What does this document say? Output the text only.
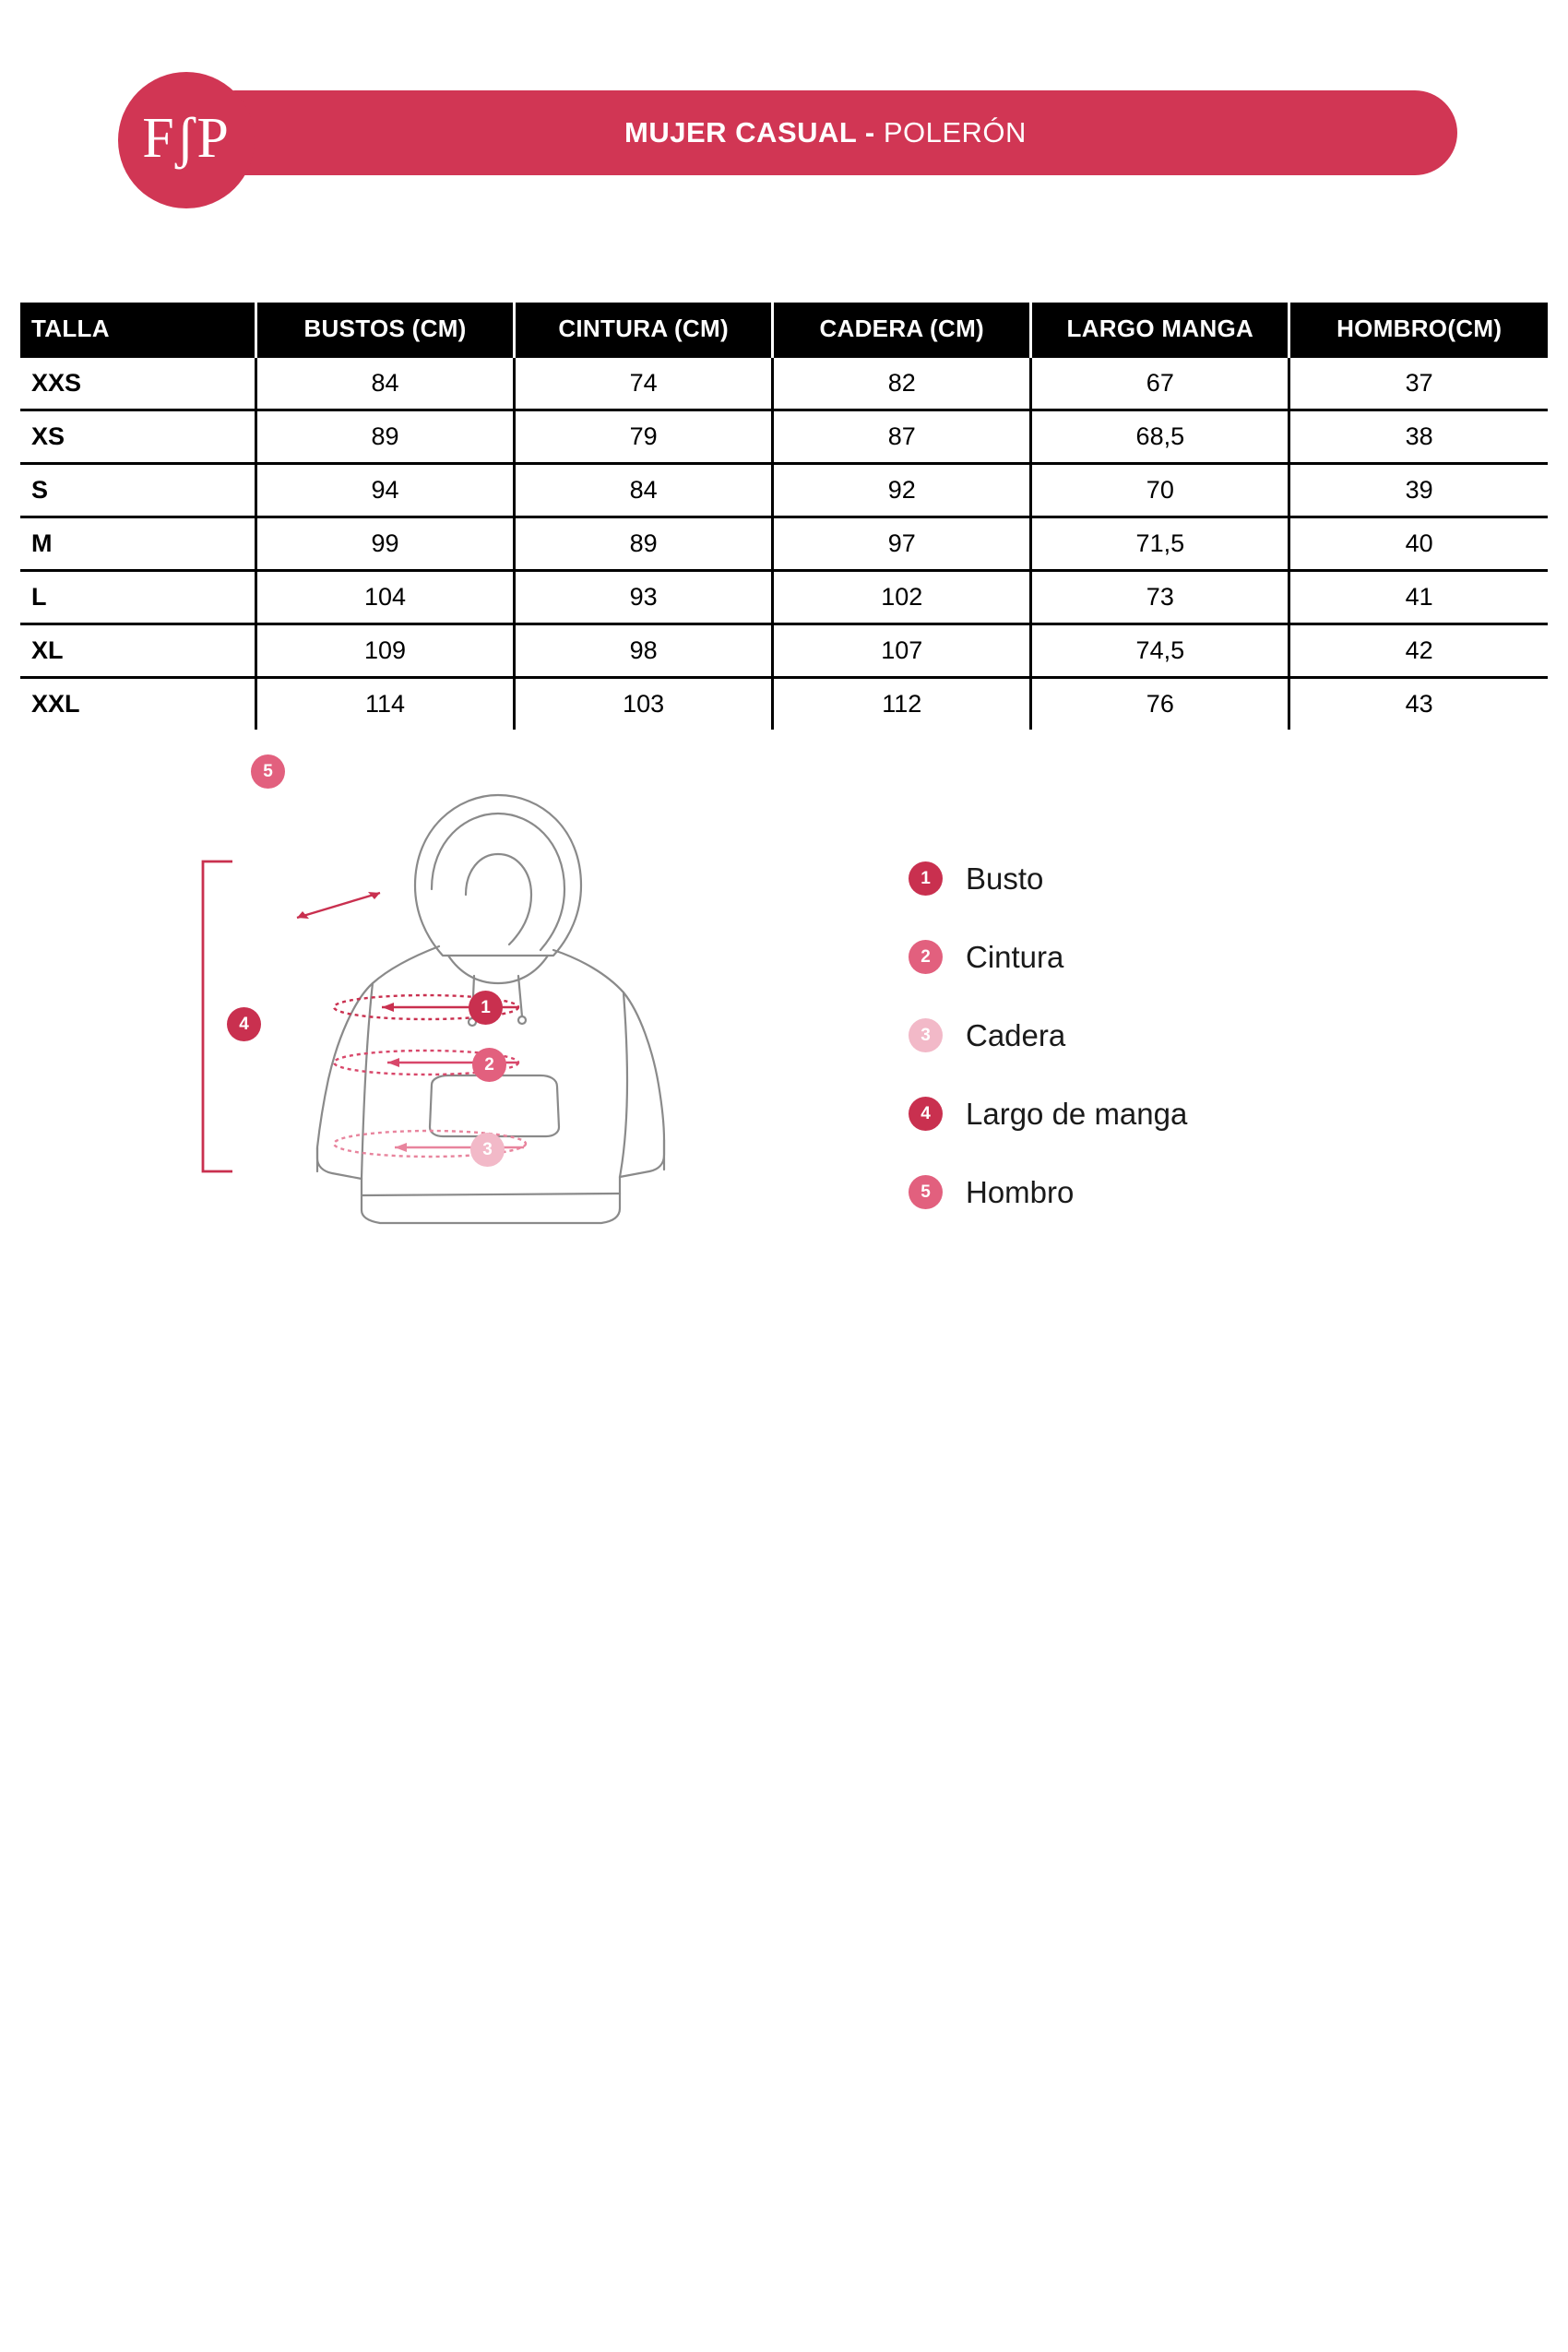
MUJER CASUAL - POLERÓN
FʃP
TALLA	BUSTOS (CM)	CINTURA (CM)	CADERA (CM)	LARGO MANGA	HOMBRO(CM)
XXS	84	74	82	67	37
XS	89	79	87	68,5	38
S	94	84	92	70	39
M	99	89	97	71,5	40
L	104	93	102	73	41
XL	109	98	107	74,5	42
XXL	114	103	112	76	43
4
5
1
2
3
1 Busto
2 Cintura
3 Cadera
4 Largo de manga
5 Hombro
